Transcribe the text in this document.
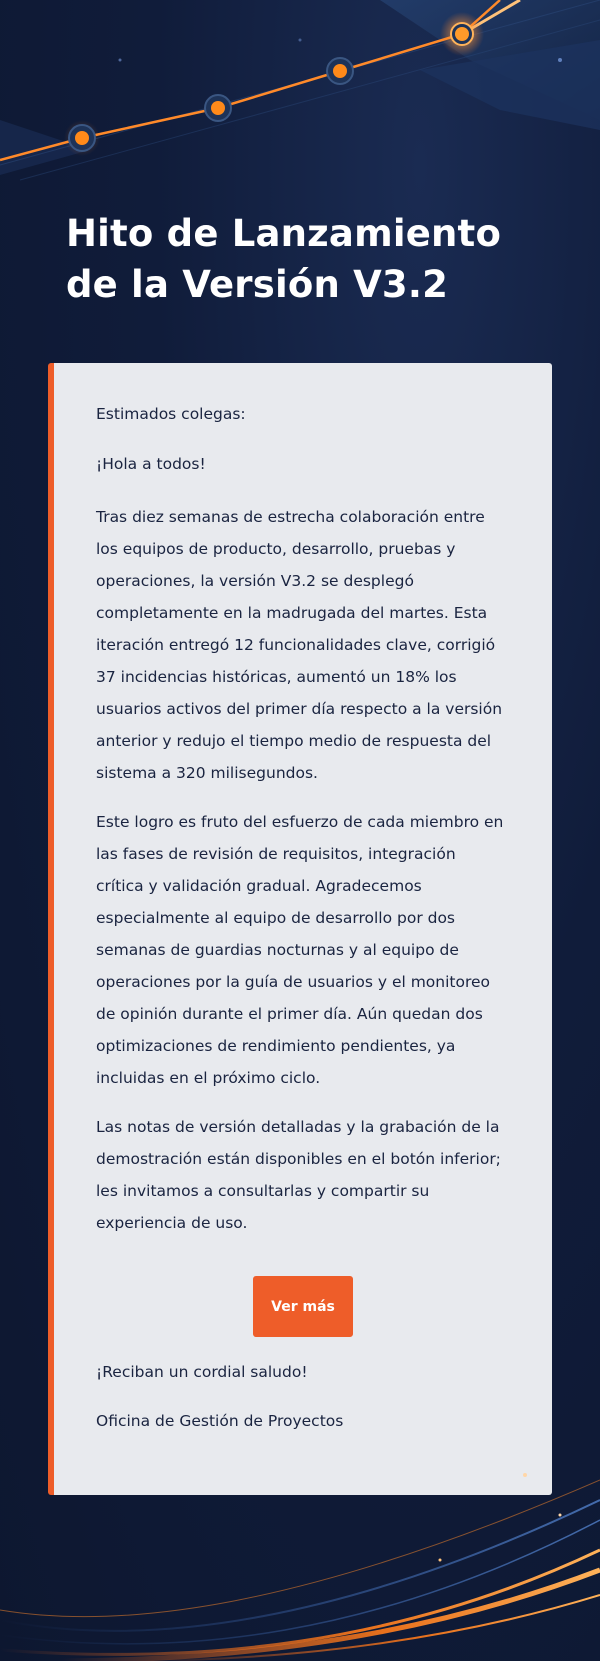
Hito de Lanzamiento de la Versión V3.2

Estimados colegas:

¡Hola a todos!

Tras diez semanas de estrecha colaboración entre los equipos de producto, desarrollo, pruebas y operaciones, la versión V3.2 se desplegó completamente en la madrugada del martes. Esta iteración entregó 12 funcionalidades clave, corrigió 37 incidencias históricas, aumentó un 18% los usuarios activos del primer día respecto a la versión anterior y redujo el tiempo medio de respuesta del sistema a 320 milisegundos.

Este logro es fruto del esfuerzo de cada miembro en las fases de revisión de requisitos, integración crítica y validación gradual. Agradecemos especialmente al equipo de desarrollo por dos semanas de guardias nocturnas y al equipo de operaciones por la guía de usuarios y el monitoreo de opinión durante el primer día. Aún quedan dos optimizaciones de rendimiento pendientes, ya incluidas en el próximo ciclo.

Las notas de versión detalladas y la grabación de la demostración están disponibles en el botón inferior; les invitamos a consultarlas y compartir su experiencia de uso.

Ver más

¡Reciban un cordial saludo!

Oficina de Gestión de Proyectos
